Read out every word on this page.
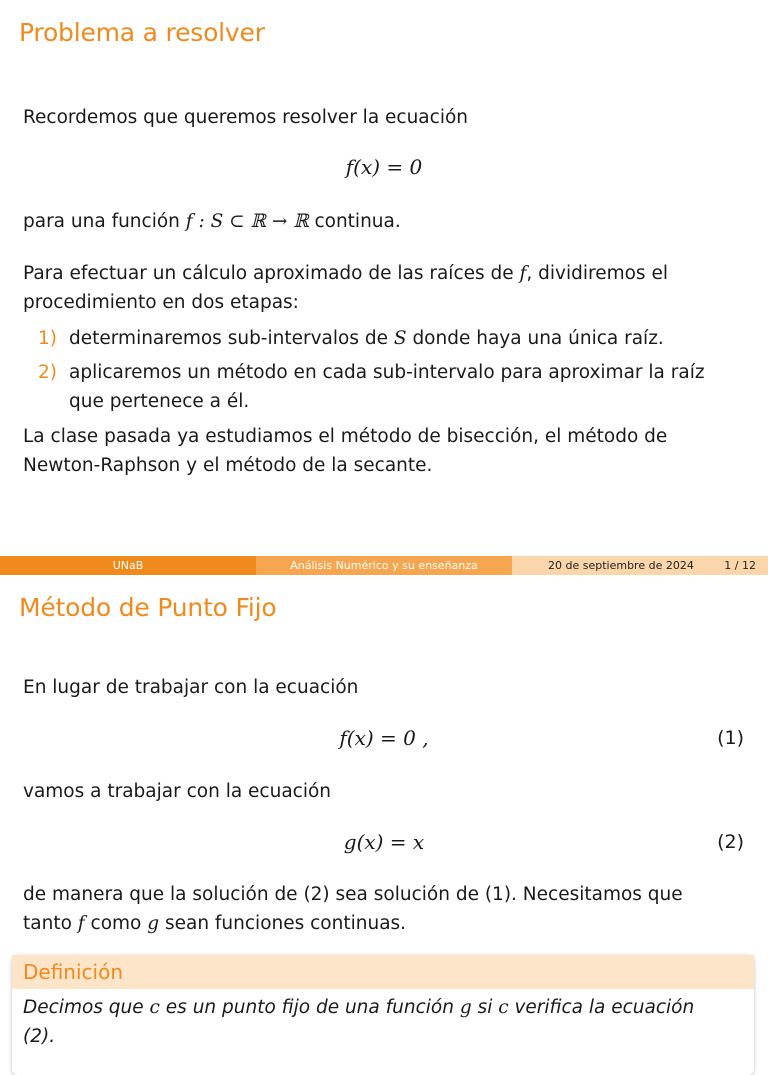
Problema a resolver
Recordemos que queremos resolver la ecuación
f(x) = 0
para una función f : S ⊂ ℝ → ℝ continua.
Para efectuar un cálculo aproximado de las raíces de f, dividiremos el
procedimiento en dos etapas:
1) determinaremos sub-intervalos de S donde haya una única raíz.
2) aplicaremos un método en cada sub-intervalo para aproximar la raíz
que pertenece a él.
La clase pasada ya estudiamos el método de bisección, el método de
Newton-Raphson y el método de la secante.
UNaB	Análisis Numérico y su enseñanza	20 de septiembre de 2024	1 / 12
Método de Punto Fijo
En lugar de trabajar con la ecuación
f(x) = 0 ,	(1)
vamos a trabajar con la ecuación
g(x) = x	(2)
de manera que la solución de (2) sea solución de (1). Necesitamos que
tanto f como g sean funciones continuas.
Definición
Decimos que c es un punto fijo de una función g si c verifica la ecuación
(2).
